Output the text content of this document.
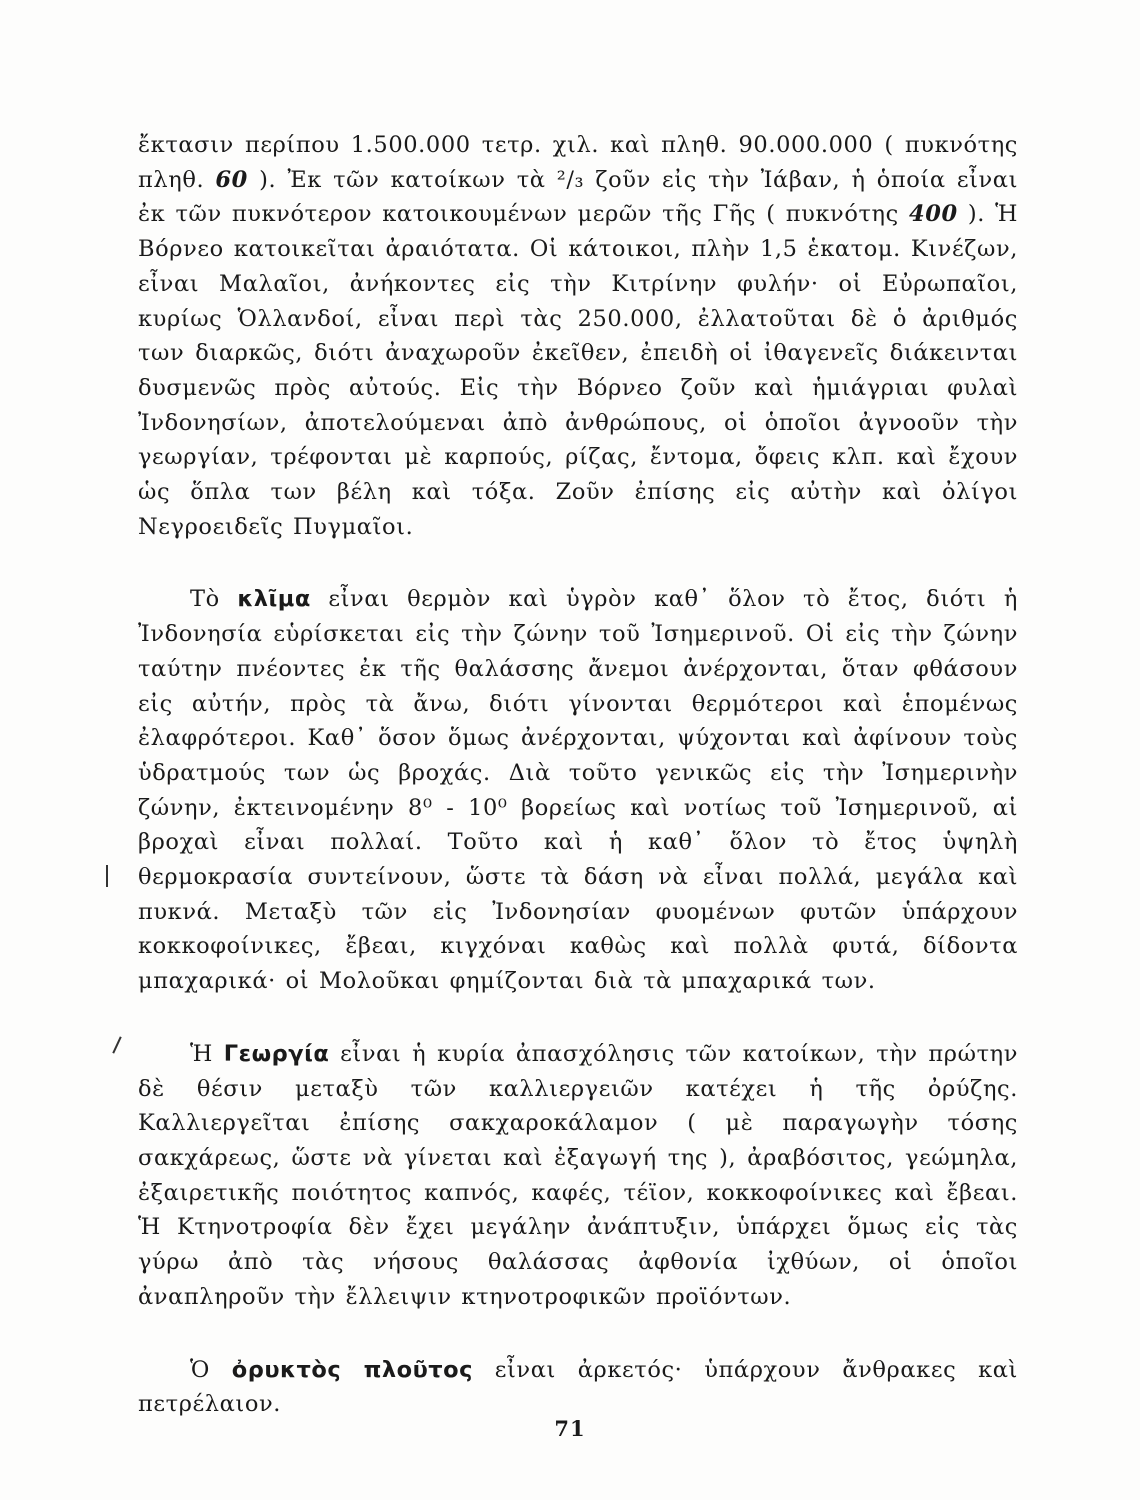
ἔκτασιν περίπου 1.500.000 τετρ. χιλ. καὶ πληθ. 90.000.000 ( πυκνότης πληθ. 60 ). Ἐκ τῶν κατοίκων τὰ ²/₃ ζοῦν εἰς τὴν Ἰάβαν, ἡ ὁποία εἶναι ἐκ τῶν πυκνότερον κατοικουμένων μερῶν τῆς Γῆς ( πυκνότης 400 ). Ἡ Βόρνεο κατοικεῖται ἀραιότατα. Οἱ κάτοικοι, πλὴν 1,5 ἑκατομ. Κινέζων, εἶναι Μαλαῖοι, ἀνήκοντες εἰς τὴν Κιτρίνην φυλήν· οἱ Εὐρωπαῖοι, κυρίως Ὁλλανδοί, εἶναι περὶ τὰς 250.000, ἐλλατοῦται δὲ ὁ ἀριθμός των διαρκῶς, διότι ἀναχωροῦν ἐκεῖθεν, ἐπειδὴ οἱ ἰθαγενεῖς διάκεινται δυσμενῶς πρὸς αὐτούς. Εἰς τὴν Βόρνεο ζοῦν καὶ ἡμιάγριαι φυλαὶ Ἰνδονησίων, ἀποτελούμεναι ἀπὸ ἀνθρώπους, οἱ ὁποῖοι ἀγνοοῦν τὴν γεωργίαν, τρέφονται μὲ καρπούς, ρίζας, ἔντομα, ὄφεις κλπ. καὶ ἔχουν ὡς ὅπλα των βέλη καὶ τόξα. Ζοῦν ἐπίσης εἰς αὐτὴν καὶ ὀλίγοι Νεγροειδεῖς Πυγμαῖοι.

Τὸ κλῖμα εἶναι θερμὸν καὶ ὑγρὸν καθ᾽ ὅλον τὸ ἔτος, διότι ἡ Ἰνδονησία εὑρίσκεται εἰς τὴν ζώνην τοῦ Ἰσημερινοῦ. Οἱ εἰς τὴν ζώνην ταύτην πνέοντες ἐκ τῆς θαλάσσης ἄνεμοι ἀνέρχονται, ὅταν φθάσουν εἰς αὐτήν, πρὸς τὰ ἄνω, διότι γίνονται θερμότεροι καὶ ἑπομένως ἐλαφρότεροι. Καθ᾽ ὅσον ὅμως ἀνέρχονται, ψύχονται καὶ ἀφίνουν τοὺς ὑδρατμούς των ὡς βροχάς. Διὰ τοῦτο γενικῶς εἰς τὴν Ἰσημερινὴν ζώνην, ἐκτεινομένην 8⁰ - 10⁰ βορείως καὶ νοτίως τοῦ Ἰσημερινοῦ, αἱ βροχαὶ εἶναι πολλαί. Τοῦτο καὶ ἡ καθ᾽ ὅλον τὸ ἔτος ὑψηλὴ θερμοκρασία συντείνουν, ὥστε τὰ δάση νὰ εἶναι πολλά, μεγάλα καὶ πυκνά. Μεταξὺ τῶν εἰς Ἰνδονησίαν φυομένων φυτῶν ὑπάρχουν κοκκοφοίνικες, ἔβεαι, κιγχόναι καθὼς καὶ πολλὰ φυτά, δίδοντα μπαχαρικά· οἱ Μολοῦκαι φημίζονται διὰ τὰ μπαχαρικά των.

Ἡ Γεωργία εἶναι ἡ κυρία ἀπασχόλησις τῶν κατοίκων, τὴν πρώτην δὲ θέσιν μεταξὺ τῶν καλλιεργειῶν κατέχει ἡ τῆς ὀρύζης. Καλλιεργεῖται ἐπίσης σακχαροκάλαμον ( μὲ παραγωγὴν τόσης σακχάρεως, ὥστε νὰ γίνεται καὶ ἐξαγωγή της ), ἀραβόσιτος, γεώμηλα, ἐξαιρετικῆς ποιότητος καπνός, καφές, τέϊον, κοκκοφοίνικες καὶ ἔβεαι. Ἡ Κτηνοτροφία δὲν ἔχει μεγάλην ἀνάπτυξιν, ὑπάρχει ὅμως εἰς τὰς γύρω ἀπὸ τὰς νήσους θαλάσσας ἀφθονία ἰχθύων, οἱ ὁποῖοι ἀναπληροῦν τὴν ἔλλειψιν κτηνοτροφικῶν προϊόντων.

Ὁ ὀρυκτὸς πλοῦτος εἶναι ἀρκετός· ὑπάρχουν ἄνθρακες καὶ πετρέλαιον.

71
